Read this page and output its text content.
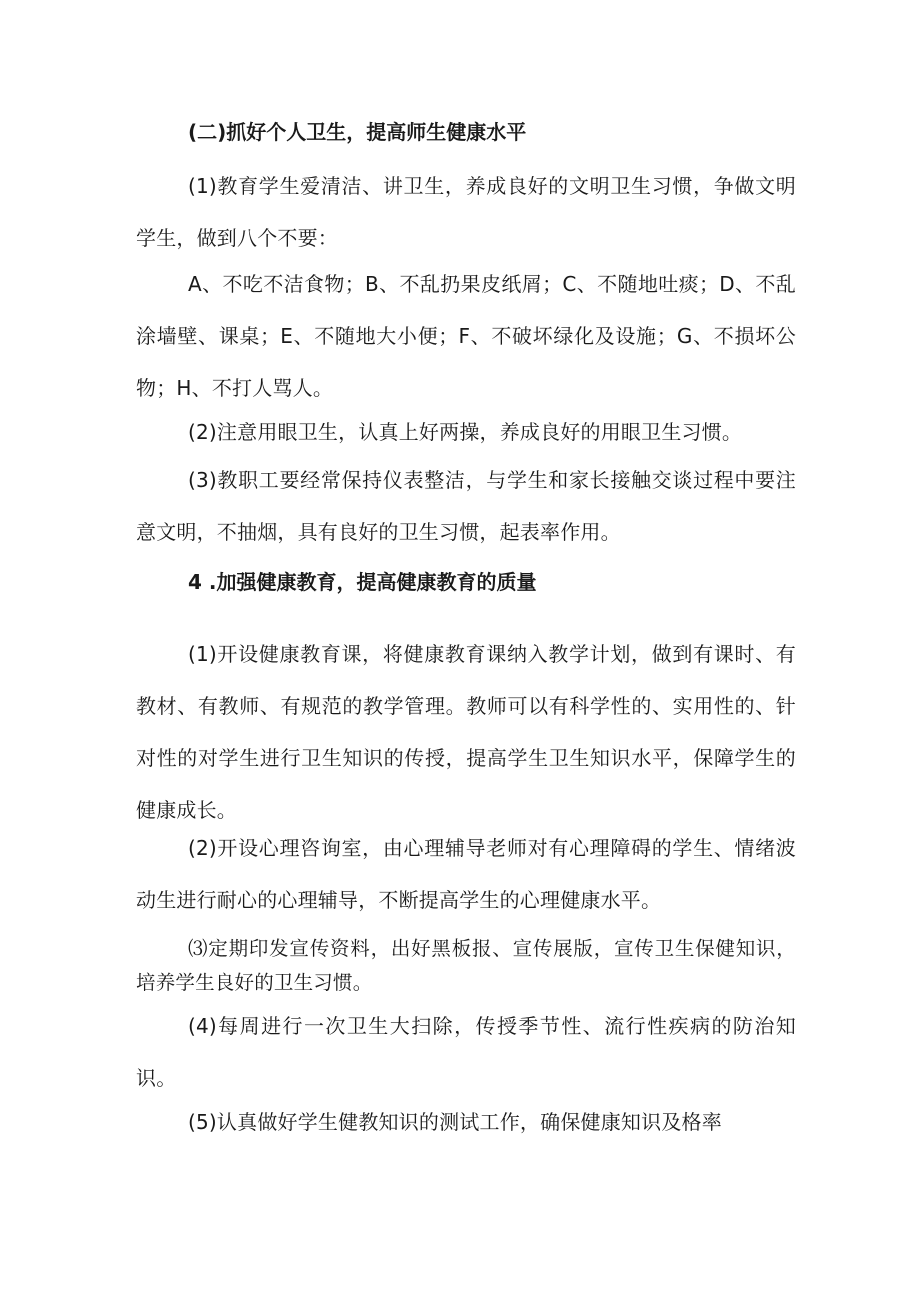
(二)抓好个人卫生，提高师生健康水平
(1)教育学生爱清洁、讲卫生，养成良好的文明卫生习惯，争做文明学生，做到八个不要：
A、不吃不洁食物；B、不乱扔果皮纸屑；C、不随地吐痰；D、不乱涂墙壁、课桌；E、不随地大小便；F、不破坏绿化及设施；G、不损坏公物；H、不打人骂人。
(2)注意用眼卫生，认真上好两操，养成良好的用眼卫生习惯。
(3)教职工要经常保持仪表整洁，与学生和家长接触交谈过程中要注意文明，不抽烟，具有良好的卫生习惯，起表率作用。
4 .加强健康教育，提高健康教育的质量
(1)开设健康教育课，将健康教育课纳入教学计划，做到有课时、有教材、有教师、有规范的教学管理。教师可以有科学性的、实用性的、针对性的对学生进行卫生知识的传授，提高学生卫生知识水平，保障学生的健康成长。
(2)开设心理咨询室，由心理辅导老师对有心理障碍的学生、情绪波动生进行耐心的心理辅导，不断提高学生的心理健康水平。
⑶定期印发宣传资料，出好黑板报、宣传展版，宣传卫生保健知识，培养学生良好的卫生习惯。
(4)每周进行一次卫生大扫除，传授季节性、流行性疾病的防治知识。
(5)认真做好学生健教知识的测试工作，确保健康知识及格率
